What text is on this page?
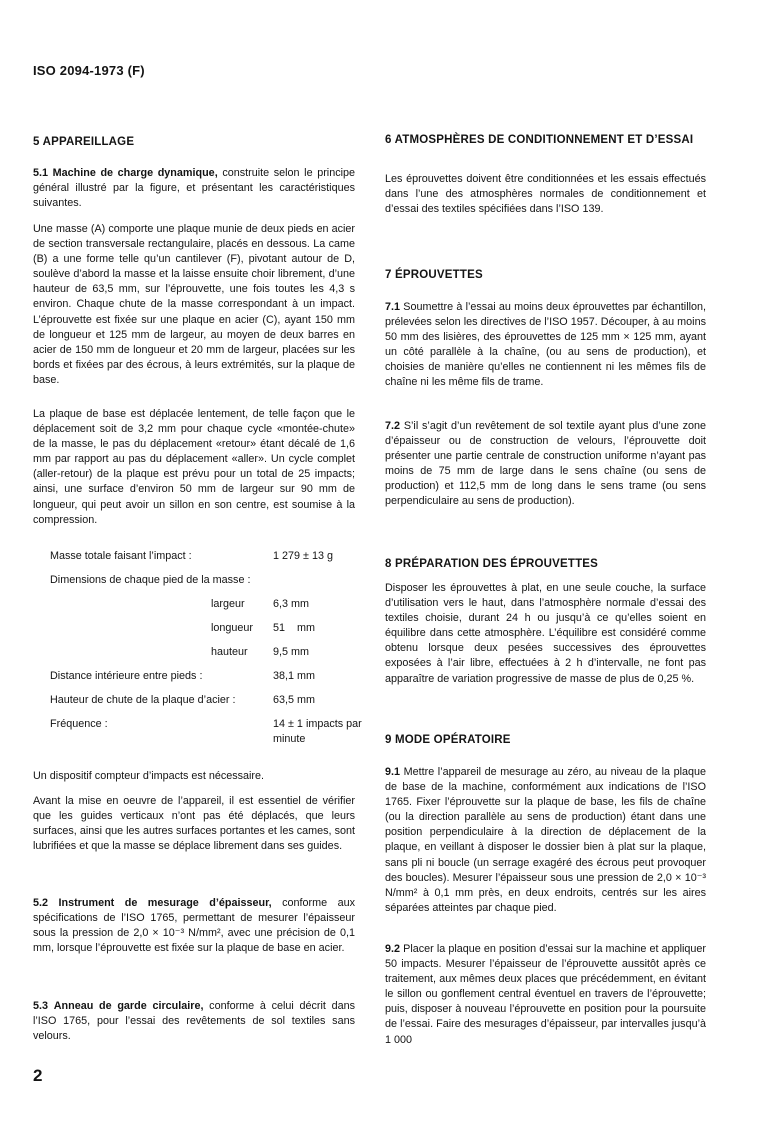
ISO 2094-1973 (F)
5 APPAREILLAGE

5.1 Machine de charge dynamique, construite selon le principe général illustré par la figure, et présentant les caractéristiques suivantes.

Une masse (A) comporte une plaque munie de deux pieds en acier de section transversale rectangulaire, placés en dessous. La came (B) a une forme telle qu’un cantilever (F), pivotant autour de D, soulève d’abord la masse et la laisse ensuite choir librement, d’une hauteur de 63,5 mm, sur l’éprouvette, une fois toutes les 4,3 s environ. Chaque chute de la masse correspondant à un impact. L’éprouvette est fixée sur une plaque en acier (C), ayant 150 mm de longueur et 125 mm de largeur, au moyen de deux barres en acier de 150 mm de longueur et 20 mm de largeur, placées sur les bords et fixées par des écrous, à leurs extrémités, sur la plaque de base.

La plaque de base est déplacée lentement, de telle façon que le déplacement soit de 3,2 mm pour chaque cycle «montée-chute» de la masse, le pas du déplacement «retour» étant décalé de 1,6 mm par rapport au pas du déplacement «aller». Un cycle complet (aller-retour) de la plaque est prévu pour un total de 25 impacts; ainsi, une surface d’environ 50 mm de largeur sur 90 mm de longueur, qui peut avoir un sillon en son centre, est soumise à la compression.

Masse totale faisant l’impact :	1 279 ± 13 g
Dimensions de chaque pied de la masse :
largeur	6,3 mm
longueur 51    mm
hauteur 9,5 mm
Distance intérieure entre pieds :	38,1 mm
Hauteur de chute de la plaque d’acier :	63,5 mm
Fréquence :	14 ± 1 impacts par minute

Un dispositif compteur d’impacts est nécessaire.

Avant la mise en oeuvre de l’appareil, il est essentiel de vérifier que les guides verticaux n’ont pas été déplacés, que leurs surfaces, ainsi que les autres surfaces portantes et les cames, sont lubrifiées et que la masse se déplace librement dans ses guides.

5.2 Instrument de mesurage d’épaisseur, conforme aux spécifications de l’ISO 1765, permettant de mesurer l’épaisseur sous la pression de 2,0 × 10⁻³ N/mm², avec une précision de 0,1 mm, lorsque l’éprouvette est fixée sur la plaque de base en acier.

5.3 Anneau de garde circulaire, conforme à celui décrit dans l’ISO 1765, pour l’essai des revêtements de sol textiles sans velours.

6 ATMOSPHÈRES DE CONDITIONNEMENT ET D’ESSAI

Les éprouvettes doivent être conditionnées et les essais effectués dans l’une des atmosphères normales de conditionnement et d’essai des textiles spécifiées dans l’ISO 139.

7 ÉPROUVETTES

7.1 Soumettre à l’essai au moins deux éprouvettes par échantillon, prélevées selon les directives de l’ISO 1957. Découper, à au moins 50 mm des lisières, des éprouvettes de 125 mm × 125 mm, ayant un côté parallèle à la chaîne, (ou au sens de production), et choisies de manière qu’elles ne contiennent ni les mêmes fils de chaîne ni les même fils de trame.

7.2 S’il s’agit d’un revêtement de sol textile ayant plus d’une zone d’épaisseur ou de construction de velours, l’éprouvette doit présenter une partie centrale de construction uniforme n’ayant pas moins de 75 mm de large dans le sens chaîne (ou sens de production) et 112,5 mm de long dans le sens trame (ou sens perpendiculaire au sens de production).

8 PRÉPARATION DES ÉPROUVETTES

Disposer les éprouvettes à plat, en une seule couche, la surface d’utilisation vers le haut, dans l’atmosphère normale d’essai des textiles choisie, durant 24 h ou jusqu’à ce qu’elles soient en équilibre dans cette atmosphère. L’équilibre est considéré comme obtenu lorsque deux pesées successives des éprouvettes exposées à l’air libre, effectuées à 2 h d’intervalle, ne font pas apparaître de variation progressive de masse de plus de 0,25 %.

9 MODE OPÉRATOIRE

9.1 Mettre l’appareil de mesurage au zéro, au niveau de la plaque de base de la machine, conformément aux indications de l’ISO 1765. Fixer l’éprouvette sur la plaque de base, les fils de chaîne (ou la direction parallèle au sens de production) étant dans une position perpendiculaire à la direction de déplacement de la plaque, en veillant à disposer le dossier bien à plat sur la plaque, sans pli ni boucle (un serrage exagéré des écrous peut provoquer des boucles). Mesurer l’épaisseur sous une pression de 2,0 × 10⁻³ N/mm² à 0,1 mm près, en deux endroits, centrés sur les aires séparées atteintes par chaque pied.

9.2 Placer la plaque en position d’essai sur la machine et appliquer 50 impacts. Mesurer l’épaisseur de l’éprouvette aussitôt après ce traitement, aux mêmes deux places que précédemment, en évitant le sillon ou gonflement central éventuel en travers de l’éprouvette; puis, disposer à nouveau l’éprouvette en position pour la poursuite de l’essai. Faire des mesurages d’épaisseur, par intervalles jusqu’à 1 000

2
